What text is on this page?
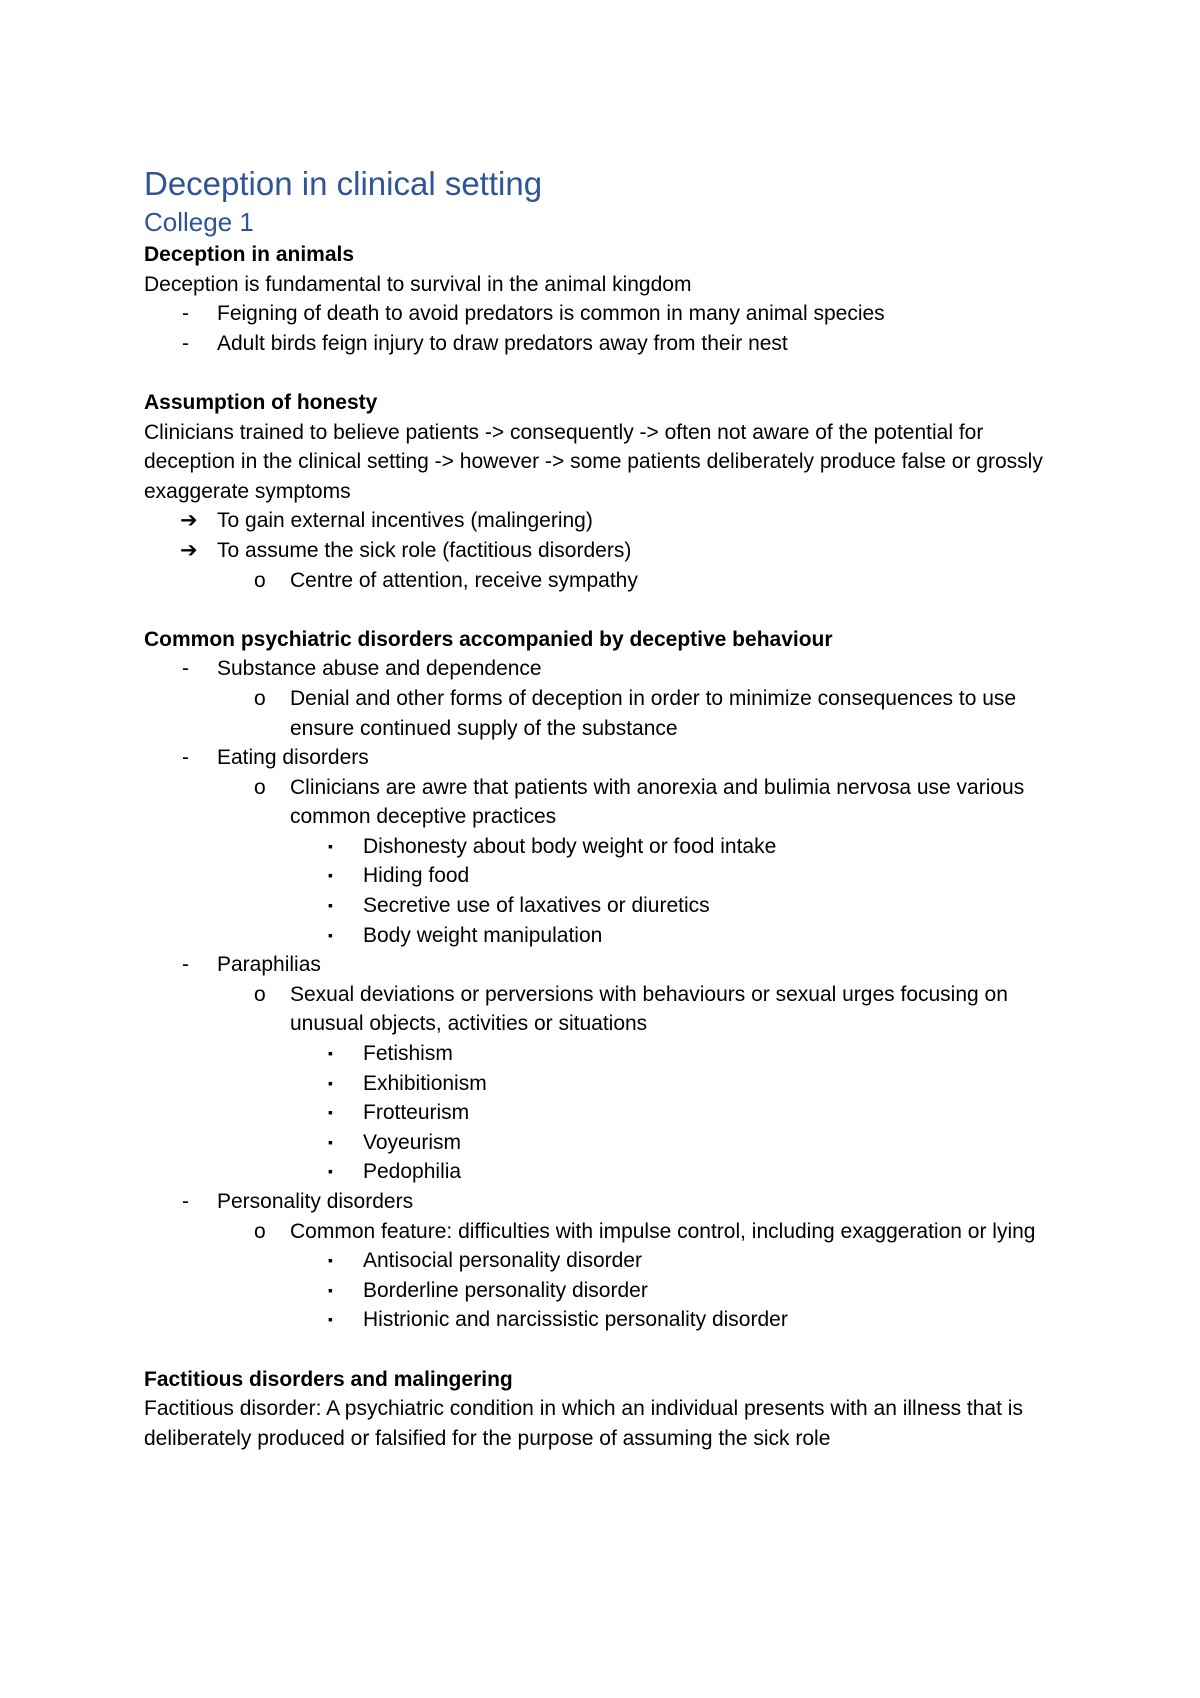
Deception in clinical setting
College 1

Deception in animals

Deception is fundamental to survival in the animal kingdom

- Feigning of death to avoid predators is common in many animal species
- Adult birds feign injury to draw predators away from their nest

Assumption of honesty

Clinicians trained to believe patients -> consequently -> often not aware of the potential for deception in the clinical setting -> however -> some patients deliberately produce false or grossly exaggerate symptoms

➔ To gain external incentives (malingering)
➔ To assume the sick role (factitious disorders)
o Centre of attention, receive sympathy

Common psychiatric disorders accompanied by deceptive behaviour

- Substance abuse and dependence
o Denial and other forms of deception in order to minimize consequences to use ensure continued supply of the substance
- Eating disorders
o Clinicians are awre that patients with anorexia and bulimia nervosa use various common deceptive practices
▪ Dishonesty about body weight or food intake
▪ Hiding food
▪ Secretive use of laxatives or diuretics
▪ Body weight manipulation
- Paraphilias
o Sexual deviations or perversions with behaviours or sexual urges focusing on unusual objects, activities or situations
▪ Fetishism
▪ Exhibitionism
▪ Frotteurism
▪ Voyeurism
▪ Pedophilia
- Personality disorders
o Common feature: difficulties with impulse control, including exaggeration or lying
▪ Antisocial personality disorder
▪ Borderline personality disorder
▪ Histrionic and narcissistic personality disorder

Factitious disorders and malingering

Factitious disorder: A psychiatric condition in which an individual presents with an illness that is deliberately produced or falsified for the purpose of assuming the sick role
